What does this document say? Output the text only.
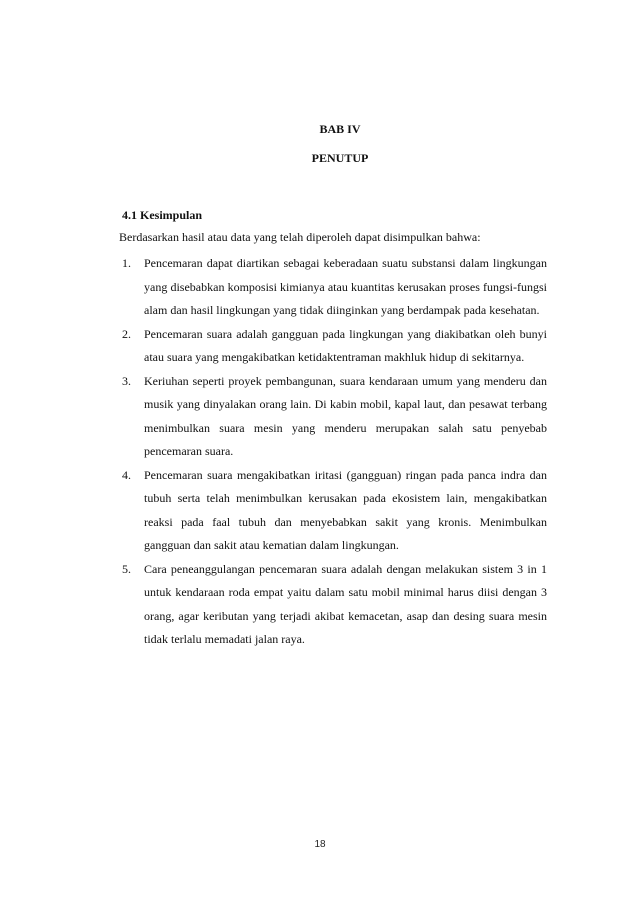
BAB IV
PENUTUP
4.1 Kesimpulan
Berdasarkan hasil atau data yang telah diperoleh dapat disimpulkan bahwa:
1. Pencemaran dapat diartikan sebagai keberadaan suatu substansi dalam lingkungan yang disebabkan komposisi kimianya atau kuantitas kerusakan proses fungsi-fungsi alam dan hasil lingkungan yang tidak diinginkan yang berdampak pada kesehatan.
2. Pencemaran suara adalah gangguan pada lingkungan yang diakibatkan oleh bunyi atau suara yang mengakibatkan ketidaktentraman makhluk hidup di sekitarnya.
3. Keriuhan seperti proyek pembangunan, suara kendaraan umum yang menderu dan musik yang dinyalakan orang lain. Di kabin mobil, kapal laut, dan pesawat terbang menimbulkan suara mesin yang menderu merupakan salah satu penyebab pencemaran suara.
4. Pencemaran suara mengakibatkan iritasi (gangguan) ringan pada panca indra dan tubuh serta telah menimbulkan kerusakan pada ekosistem lain, mengakibatkan reaksi pada faal tubuh dan menyebabkan sakit yang kronis. Menimbulkan gangguan dan sakit atau kematian dalam lingkungan.
5. Cara peneanggulangan pencemaran suara adalah dengan melakukan sistem 3 in 1 untuk kendaraan roda empat yaitu dalam satu mobil minimal harus diisi dengan 3 orang, agar keributan yang terjadi akibat kemacetan, asap dan desing suara mesin tidak terlalu memadati jalan raya.
18
